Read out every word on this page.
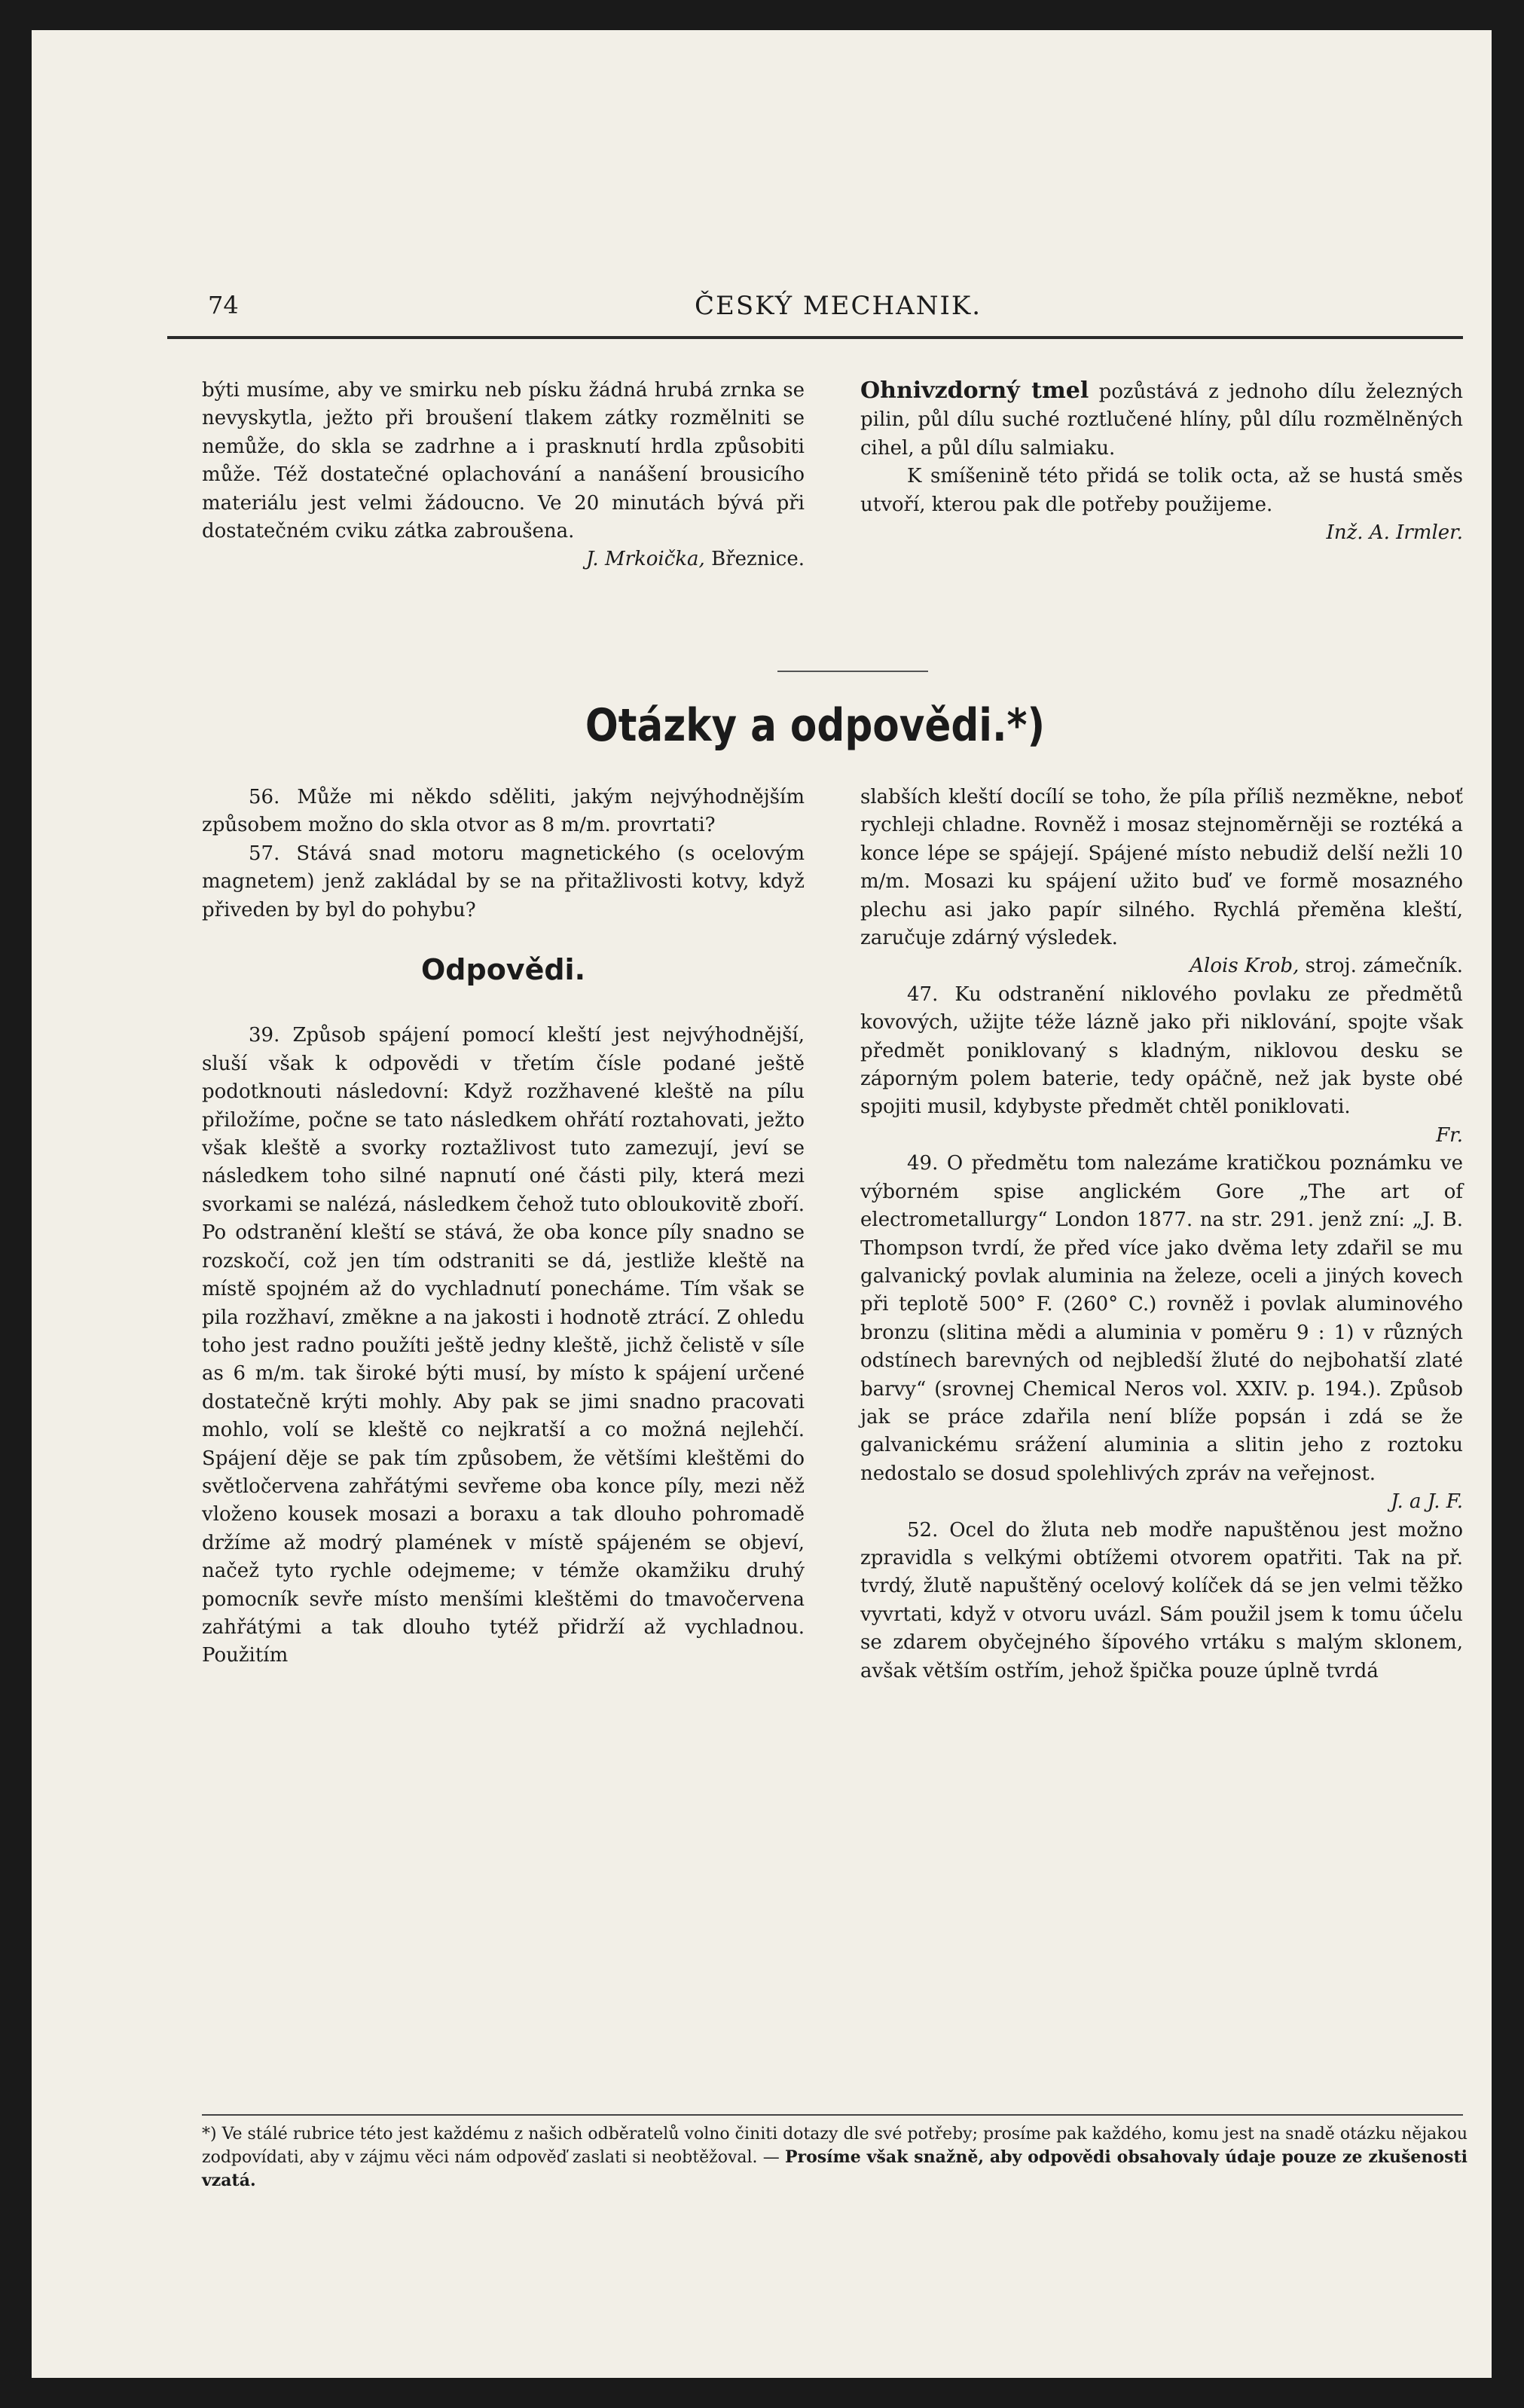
74	ČESKÝ MECHANIK.

býti musíme, aby ve smirku neb písku žádná hrubá zrnka se nevyskytla, ježto při broušení tlakem zátky rozmělniti se nemůže, do skla se zadrhne a i prasknutí hrdla způsobiti může. Též dostatečné oplachování a nanášení brousicího materiálu jest velmi žádoucno. Ve 20 minutách bývá při dostatečném cviku zátka zabroušena.

J. Mrkoička, Březnice.

Ohnivzdorný tmel pozůstává z jednoho dílu železných pilin, půl dílu suché roztlučené hlíny, půl dílu rozmělněných cihel, a půl dílu salmiaku.

K smíšenině této přidá se tolik octa, až se hustá směs utvoří, kterou pak dle potřeby použijeme.

Inž. A. Irmler.

Otázky a odpovědi.*)

56. Může mi někdo sděliti, jakým nejvýhodnějším způsobem možno do skla otvor as 8 m/m. provrtati?

57. Stává snad motoru magnetického (s ocelovým magnetem) jenž zakládal by se na přitažlivosti kotvy, když přiveden by byl do pohybu?

Odpovědi.

39. Způsob spájení pomocí kleští jest nejvýhodnější, sluší však k odpovědi v třetím čísle podané ještě podotknouti následovní: Když rozžhavené kleště na pílu přiložíme, počne se tato následkem ohřátí roztahovati, ježto však kleště a svorky roztažlivost tuto zamezují, jeví se následkem toho silné napnutí oné části pily, která mezi svorkami se nalézá, následkem čehož tuto obloukovitě zboří. Po odstranění kleští se stává, že oba konce píly snadno se rozskočí, což jen tím odstraniti se dá, jestliže kleště na místě spojném až do vychladnutí ponecháme. Tím však se pila rozžhaví, změkne a na jakosti i hodnotě ztrácí. Z ohledu toho jest radno použíti ještě jedny kleště, jichž čelistě v síle as 6 m/m. tak široké býti musí, by místo k spájení určené dostatečně krýti mohly. Aby pak se jimi snadno pracovati mohlo, volí se kleště co nejkratší a co možná nejlehčí. Spájení děje se pak tím způsobem, že většími kleštěmi do světločervena zahřátými sevřeme oba konce píly, mezi něž vloženo kousek mosazi a boraxu a tak dlouho pohromadě držíme až modrý plamének v místě spájeném se objeví, načež tyto rychle odejmeme; v témže okamžiku druhý pomocník sevře místo menšími kleštěmi do tmavočervena zahřátými a tak dlouho tytéž přidrží až vychladnou. Použitím

slabších kleští docílí se toho, že píla příliš nezměkne, neboť rychleji chladne. Rovněž i mosaz stejnoměrněji se roztéká a konce lépe se spájejí. Spájené místo nebudiž delší nežli 10 m/m. Mosazi ku spájení užito buď ve formě mosazného plechu asi jako papír silného. Rychlá přeměna kleští, zaručuje zdárný výsledek.

Alois Krob, stroj. zámečník.

47. Ku odstranění niklového povlaku ze předmětů kovových, užijte téže lázně jako při niklování, spojte však předmět poniklovaný s kladným, niklovou desku se záporným polem baterie, tedy opáčně, než jak byste obé spojiti musil, kdybyste předmět chtěl poniklovati.

Fr.

49. O předmětu tom nalezáme kratičkou poznámku ve výborném spise anglickém Gore „The art of electrometallurgy“ London 1877. na str. 291. jenž zní: „J. B. Thompson tvrdí, že před více jako dvěma lety zdařil se mu galvanický povlak aluminia na železe, oceli a jiných kovech při teplotě 500° F. (260° C.) rovněž i povlak aluminového bronzu (slitina mědi a aluminia v poměru 9 : 1) v různých odstínech barevných od nejbledší žluté do nejbohatší zlaté barvy“ (srovnej Chemical Neros vol. XXIV. p. 194.). Způsob jak se práce zdařila není blíže popsán i zdá se že galvanickému srážení aluminia a slitin jeho z roztoku nedostalo se dosud spolehlivých zpráv na veřejnost.

J. a J. F.

52. Ocel do žluta neb modře napuštěnou jest možno zpravidla s velkými obtížemi otvorem opatřiti. Tak na př. tvrdý, žlutě napuštěný ocelový kolíček dá se jen velmi těžko vyvrtati, když v otvoru uvázl. Sám použil jsem k tomu účelu se zdarem obyčejného šípového vrtáku s malým sklonem, avšak větším ostřím, jehož špička pouze úplně tvrdá

*) Ve stálé rubrice této jest každému z našich odběratelů volno činiti dotazy dle své potřeby; prosíme pak každého, komu jest na snadě otázku nějakou zodpovídati, aby v zájmu věci nám odpověď zaslati si neobtěžoval. — Prosíme však snažně, aby odpovědi obsahovaly údaje pouze ze zkušenosti vzatá.
